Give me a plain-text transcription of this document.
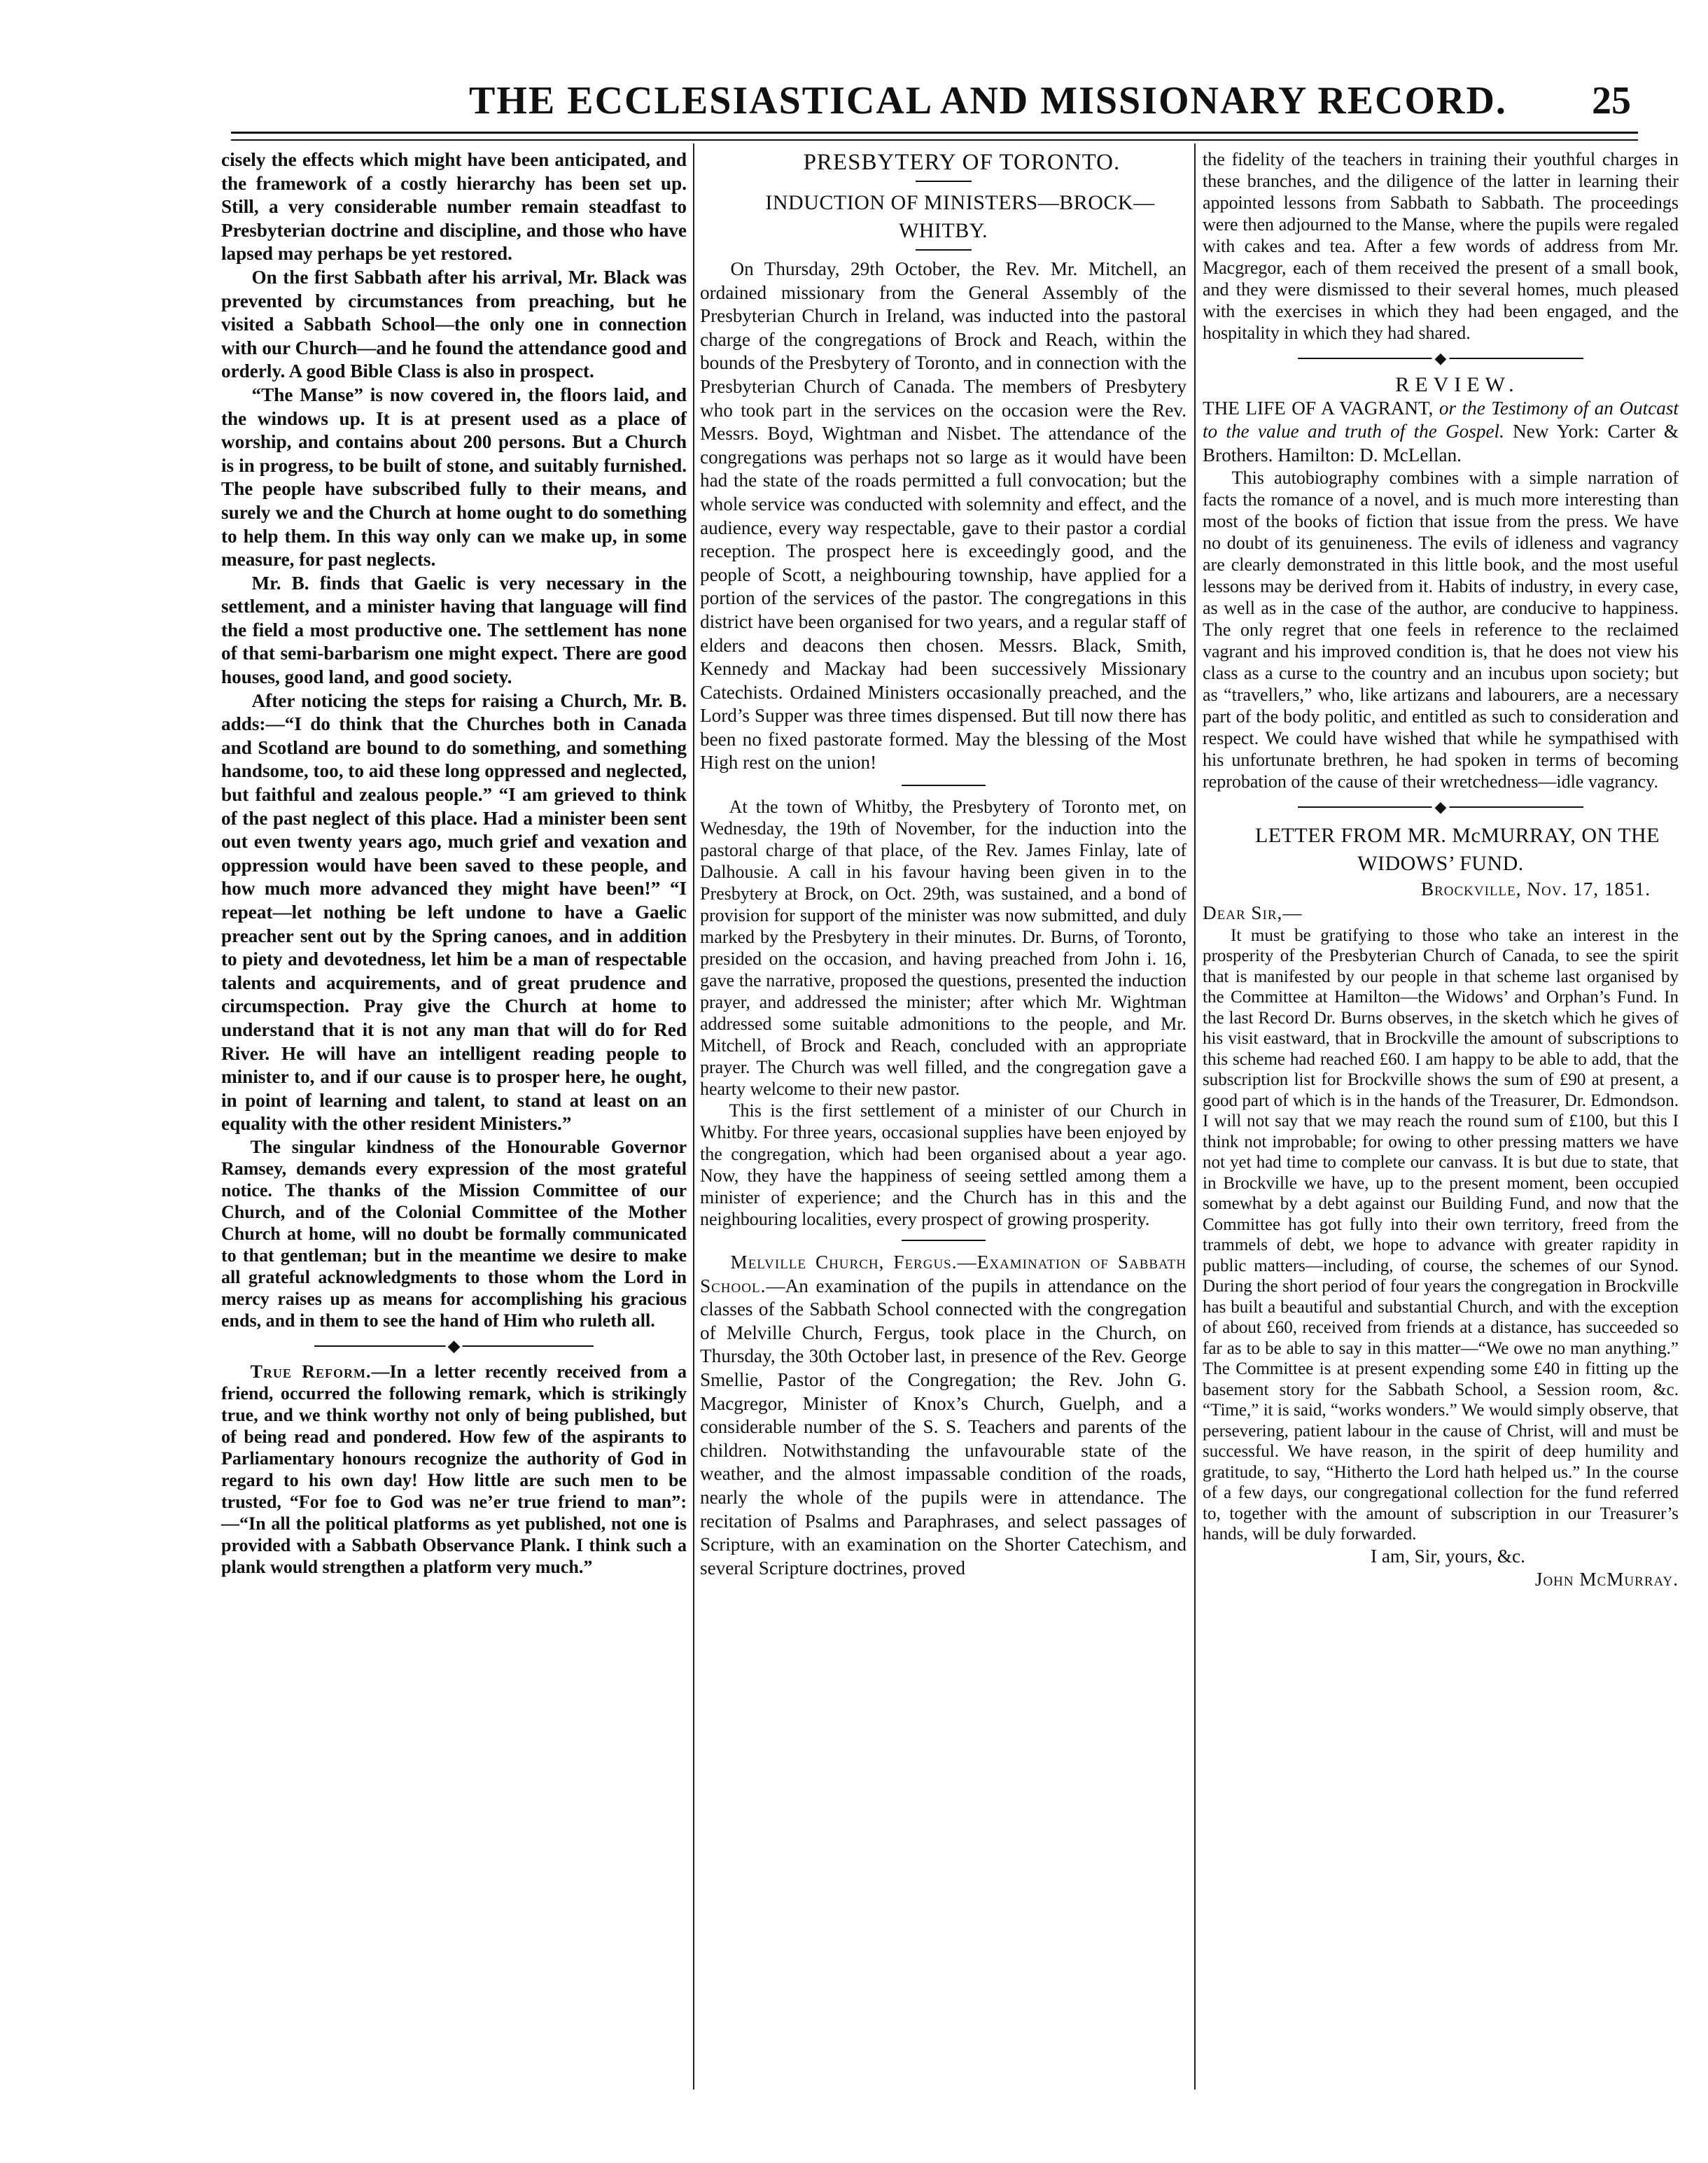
THE ECCLESIASTICAL AND MISSIONARY RECORD. 25

cisely the effects which might have been anticipated, and the framework of a costly hierarchy has been set up. Still, a very considerable number remain steadfast to Presbyterian doctrine and discipline, and those who have lapsed may perhaps be yet restored.

On the first Sabbath after his arrival, Mr. Black was prevented by circumstances from preaching, but he visited a Sabbath School—the only one in connection with our Church—and he found the attendance good and orderly. A good Bible Class is also in prospect.

“The Manse” is now covered in, the floors laid, and the windows up. It is at present used as a place of worship, and contains about 200 persons. But a Church is in progress, to be built of stone, and suitably furnished. The people have subscribed fully to their means, and surely we and the Church at home ought to do something to help them. In this way only can we make up, in some measure, for past neglects.

Mr. B. finds that Gaelic is very necessary in the settlement, and a minister having that language will find the field a most productive one. The settlement has none of that semi-barbarism one might expect. There are good houses, good land, and good society.

After noticing the steps for raising a Church, Mr. B. adds:—“I do think that the Churches both in Canada and Scotland are bound to do something, and something handsome, too, to aid these long oppressed and neglected, but faithful and zealous people.” “I am grieved to think of the past neglect of this place. Had a minister been sent out even twenty years ago, much grief and vexation and oppression would have been saved to these people, and how much more advanced they might have been!” “I repeat—let nothing be left undone to have a Gaelic preacher sent out by the Spring canoes, and in addition to piety and devotedness, let him be a man of respectable talents and acquirements, and of great prudence and circumspection. Pray give the Church at home to understand that it is not any man that will do for Red River. He will have an intelligent reading people to minister to, and if our cause is to prosper here, he ought, in point of learning and talent, to stand at least on an equality with the other resident Ministers.”

The singular kindness of the Honourable Governor Ramsey, demands every expression of the most grateful notice. The thanks of the Mission Committee of our Church, and of the Colonial Committee of the Mother Church at home, will no doubt be formally communicated to that gentleman; but in the meantime we desire to make all grateful acknowledgments to those whom the Lord in mercy raises up as means for accomplishing his gracious ends, and in them to see the hand of Him who ruleth all.

◆

True Reform.—In a letter recently received from a friend, occurred the following remark, which is strikingly true, and we think worthy not only of being published, but of being read and pondered. How few of the aspirants to Parliamentary honours recognize the authority of God in regard to his own day! How little are such men to be trusted, “For foe to God was ne’er true friend to man”:—“In all the political platforms as yet published, not one is provided with a Sabbath Observance Plank. I think such a plank would strengthen a platform very much.”

PRESBYTERY OF TORONTO.

INDUCTION OF MINISTERS—BROCK—WHITBY.

On Thursday, 29th October, the Rev. Mr. Mitchell, an ordained missionary from the General Assembly of the Presbyterian Church in Ireland, was inducted into the pastoral charge of the congregations of Brock and Reach, within the bounds of the Presbytery of Toronto, and in connection with the Presbyterian Church of Canada. The members of Presbytery who took part in the services on the occasion were the Rev. Messrs. Boyd, Wightman and Nisbet. The attendance of the congregations was perhaps not so large as it would have been had the state of the roads permitted a full convocation; but the whole service was conducted with solemnity and effect, and the audience, every way respectable, gave to their pastor a cordial reception. The prospect here is exceedingly good, and the people of Scott, a neighbouring township, have applied for a portion of the services of the pastor. The congregations in this district have been organised for two years, and a regular staff of elders and deacons then chosen. Messrs. Black, Smith, Kennedy and Mackay had been successively Missionary Catechists. Ordained Ministers occasionally preached, and the Lord’s Supper was three times dispensed. But till now there has been no fixed pastorate formed. May the blessing of the Most High rest on the union!

At the town of Whitby, the Presbytery of Toronto met, on Wednesday, the 19th of November, for the induction into the pastoral charge of that place, of the Rev. James Finlay, late of Dalhousie. A call in his favour having been given in to the Presbytery at Brock, on Oct. 29th, was sustained, and a bond of provision for support of the minister was now submitted, and duly marked by the Presbytery in their minutes. Dr. Burns, of Toronto, presided on the occasion, and having preached from John i. 16, gave the narrative, proposed the questions, presented the induction prayer, and addressed the minister; after which Mr. Wightman addressed some suitable admonitions to the people, and Mr. Mitchell, of Brock and Reach, concluded with an appropriate prayer. The Church was well filled, and the congregation gave a hearty welcome to their new pastor.

This is the first settlement of a minister of our Church in Whitby. For three years, occasional supplies have been enjoyed by the congregation, which had been organised about a year ago. Now, they have the happiness of seeing settled among them a minister of experience; and the Church has in this and the neighbouring localities, every prospect of growing prosperity.

Melville Church, Fergus.—Examination of Sabbath School.—An examination of the pupils in attendance on the classes of the Sabbath School connected with the congregation of Melville Church, Fergus, took place in the Church, on Thursday, the 30th October last, in presence of the Rev. George Smellie, Pastor of the Congregation; the Rev. John G. Macgregor, Minister of Knox’s Church, Guelph, and a considerable number of the S. S. Teachers and parents of the children. Notwithstanding the unfavourable state of the weather, and the almost impassable condition of the roads, nearly the whole of the pupils were in attendance. The recitation of Psalms and Paraphrases, and select passages of Scripture, with an examination on the Shorter Catechism, and several Scripture doctrines, proved

the fidelity of the teachers in training their youthful charges in these branches, and the diligence of the latter in learning their appointed lessons from Sabbath to Sabbath. The proceedings were then adjourned to the Manse, where the pupils were regaled with cakes and tea. After a few words of address from Mr. Macgregor, each of them received the present of a small book, and they were dismissed to their several homes, much pleased with the exercises in which they had been engaged, and the hospitality in which they had shared.

◆

REVIEW.

THE LIFE OF A VAGRANT, or the Testimony of an Outcast to the value and truth of the Gospel. New York: Carter & Brothers. Hamilton: D. McLellan.

This autobiography combines with a simple narration of facts the romance of a novel, and is much more interesting than most of the books of fiction that issue from the press. We have no doubt of its genuineness. The evils of idleness and vagrancy are clearly demonstrated in this little book, and the most useful lessons may be derived from it. Habits of industry, in every case, as well as in the case of the author, are conducive to happiness. The only regret that one feels in reference to the reclaimed vagrant and his improved condition is, that he does not view his class as a curse to the country and an incubus upon society; but as “travellers,” who, like artizans and labourers, are a necessary part of the body politic, and entitled as such to consideration and respect. We could have wished that while he sympathised with his unfortunate brethren, he had spoken in terms of becoming reprobation of the cause of their wretchedness—idle vagrancy.

◆

LETTER FROM MR. McMURRAY, ON THE WIDOWS’ FUND.

Brockville, Nov. 17, 1851.

Dear Sir,—

It must be gratifying to those who take an interest in the prosperity of the Presbyterian Church of Canada, to see the spirit that is manifested by our people in that scheme last organised by the Committee at Hamilton—the Widows’ and Orphan’s Fund. In the last Record Dr. Burns observes, in the sketch which he gives of his visit eastward, that in Brockville the amount of subscriptions to this scheme had reached £60. I am happy to be able to add, that the subscription list for Brockville shows the sum of £90 at present, a good part of which is in the hands of the Treasurer, Dr. Edmondson. I will not say that we may reach the round sum of £100, but this I think not improbable; for owing to other pressing matters we have not yet had time to complete our canvass. It is but due to state, that in Brockville we have, up to the present moment, been occupied somewhat by a debt against our Building Fund, and now that the Committee has got fully into their own territory, freed from the trammels of debt, we hope to advance with greater rapidity in public matters—including, of course, the schemes of our Synod. During the short period of four years the congregation in Brockville has built a beautiful and substantial Church, and with the exception of about £60, received from friends at a distance, has succeeded so far as to be able to say in this matter—“We owe no man anything.” The Committee is at present expending some £40 in fitting up the basement story for the Sabbath School, a Session room, &c. “Time,” it is said, “works wonders.” We would simply observe, that persevering, patient labour in the cause of Christ, will and must be successful. We have reason, in the spirit of deep humility and gratitude, to say, “Hitherto the Lord hath helped us.” In the course of a few days, our congregational collection for the fund referred to, together with the amount of subscription in our Treasurer’s hands, will be duly forwarded.

I am, Sir, yours, &c.

John McMurray.
